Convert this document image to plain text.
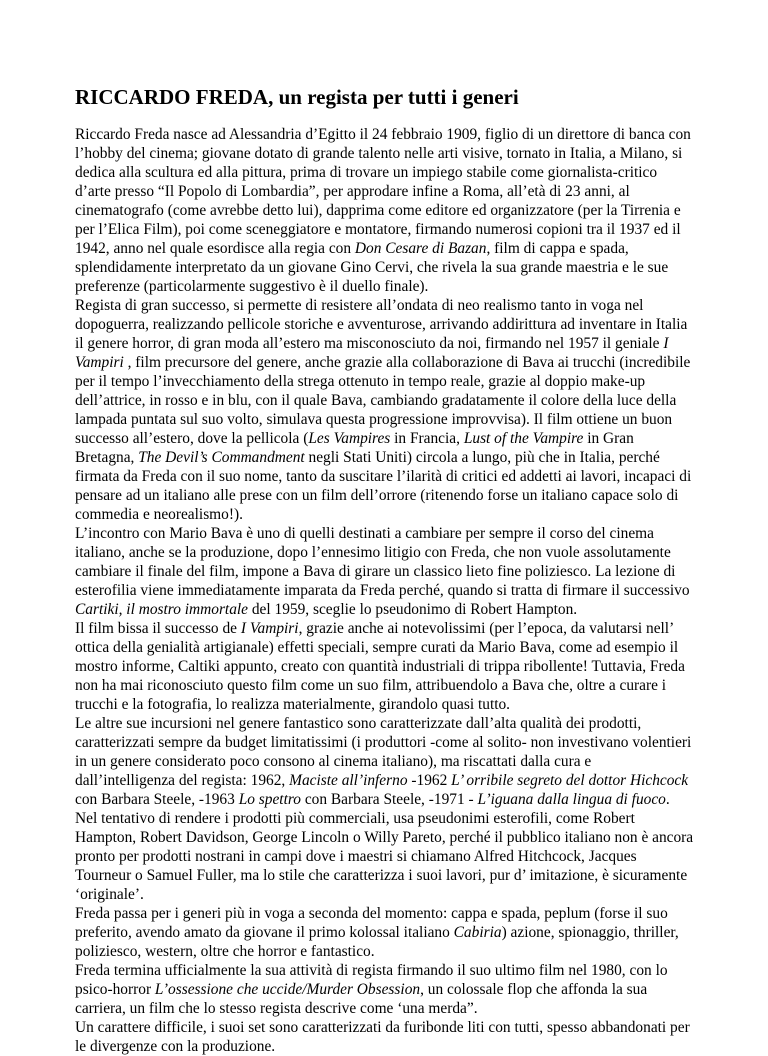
RICCARDO FREDA, un regista per tutti i generi

Riccardo Freda nasce ad Alessandria d’Egitto il 24 febbraio 1909, figlio di un direttore di banca con l’hobby del cinema; giovane dotato di grande talento nelle arti visive, tornato in Italia, a Milano, si dedica alla scultura ed alla pittura, prima di trovare un impiego stabile come giornalista-critico d’arte presso “Il Popolo di Lombardia”, per approdare infine a Roma, all’età di 23 anni, al cinematografo (come avrebbe detto lui), dapprima come editore ed organizzatore (per la Tirrenia e per l’Elica Film), poi come sceneggiatore e montatore, firmando numerosi copioni tra il 1937 ed il 1942, anno nel quale esordisce alla regia con Don Cesare di Bazan, film di cappa e spada, splendidamente interpretato da un giovane Gino Cervi, che rivela la sua grande maestria e le sue preferenze (particolarmente suggestivo è il duello finale).

Regista di gran successo, si permette di resistere all’ondata di neo realismo tanto in voga nel dopoguerra, realizzando pellicole storiche e avventurose, arrivando addirittura ad inventare in Italia il genere horror, di gran moda all’estero ma misconosciuto da noi, firmando nel 1957 il geniale I Vampiri , film precursore del genere, anche grazie alla collaborazione di Bava ai trucchi (incredibile per il tempo l’invecchiamento della strega ottenuto in tempo reale, grazie al doppio make-up dell’attrice, in rosso e in blu, con il quale Bava, cambiando gradatamente il colore della luce della lampada puntata sul suo volto, simulava questa progressione improvvisa). Il film ottiene un buon successo all’estero, dove la pellicola (Les Vampires in Francia, Lust of the Vampire in Gran Bretagna, The Devil’s Commandment negli Stati Uniti) circola a lungo, più che in Italia, perché firmata da Freda con il suo nome, tanto da suscitare l’ilarità di critici ed addetti ai lavori, incapaci di pensare ad un italiano alle prese con un film dell’orrore (ritenendo forse un italiano capace solo di commedia e neorealismo!).

L’incontro con Mario Bava è uno di quelli destinati a cambiare per sempre il corso del cinema italiano, anche se la produzione, dopo l’ennesimo litigio con Freda, che non vuole assolutamente cambiare il finale del film, impone a Bava di girare un classico lieto fine poliziesco. La lezione di esterofilia viene immediatamente imparata da Freda perché, quando si tratta di firmare il successivo Cartiki, il mostro immortale del 1959, sceglie lo pseudonimo di Robert Hampton.

Il film bissa il successo de I Vampiri, grazie anche ai notevolissimi (per l’epoca, da valutarsi nell’ ottica della genialità artigianale) effetti speciali, sempre curati da Mario Bava, come ad esempio il mostro informe, Caltiki appunto, creato con quantità industriali di trippa ribollente! Tuttavia, Freda non ha mai riconosciuto questo film come un suo film, attribuendolo a Bava che, oltre a curare i trucchi e la fotografia, lo realizza materialmente, girandolo quasi tutto.

Le altre sue incursioni nel genere fantastico sono caratterizzate dall’alta qualità dei prodotti, caratterizzati sempre da budget limitatissimi (i produttori -come al solito- non investivano volentieri in un genere considerato poco consono al cinema italiano), ma riscattati dalla cura e dall’intelligenza del regista: 1962, Maciste all’inferno -1962 L’ orribile segreto del dottor Hichcock con Barbara Steele, -1963 Lo spettro con Barbara Steele, -1971 - L’iguana dalla lingua di fuoco.

Nel tentativo di rendere i prodotti più commerciali, usa pseudonimi esterofili, come Robert Hampton, Robert Davidson, George Lincoln o Willy Pareto, perché il pubblico italiano non è ancora pronto per prodotti nostrani in campi dove i maestri si chiamano Alfred Hitchcock, Jacques Tourneur o Samuel Fuller, ma lo stile che caratterizza i suoi lavori, pur d’ imitazione, è sicuramente ‘originale’.

Freda passa per i generi più in voga a seconda del momento: cappa e spada, peplum (forse il suo preferito, avendo amato da giovane il primo kolossal italiano Cabiria) azione, spionaggio, thriller, poliziesco, western, oltre che horror e fantastico.

Freda termina ufficialmente la sua attività di regista firmando il suo ultimo film nel 1980, con lo psico-horror L’ossessione che uccide/Murder Obsession, un colossale flop che affonda la sua carriera, un film che lo stesso regista descrive come ‘una merda”.

Un carattere difficile, i suoi set sono caratterizzati da furibonde liti con tutti, spesso abbandonati per le divergenze con la produzione.
